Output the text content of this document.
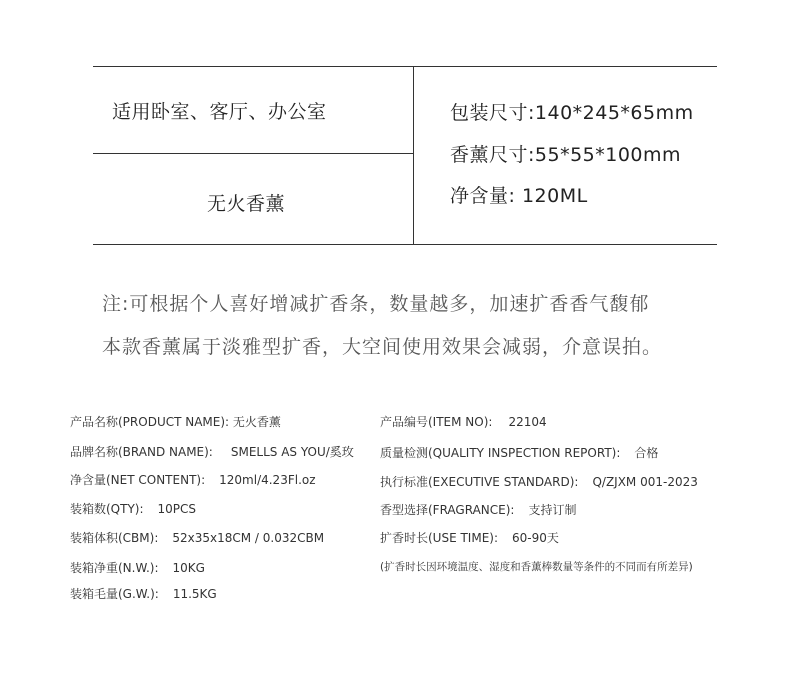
适用卧室、客厅、办公室
无火香薰
包装尺寸:140*245*65mm
香薰尺寸:55*55*100mm
净含量: 120ML
注:可根据个人喜好增减扩香条，数量越多，加速扩香香气馥郁
本款香薰属于淡雅型扩香，大空间使用效果会减弱，介意误拍。
产品名称(PRODUCT NAME): 无火香薰
品牌名称(BRAND NAME): SMELLS AS YOU/奚玫
净含量(NET CONTENT): 120ml/4.23Fl.oz
装箱数(QTY): 10PCS
装箱体积(CBM): 52x35x18CM / 0.032CBM
装箱净重(N.W.): 10KG
装箱毛量(G.W.): 11.5KG
产品编号(ITEM NO): 22104
质量检测(QUALITY INSPECTION REPORT): 合格
执行标准(EXECUTIVE STANDARD): Q/ZJXM 001-2023
香型选择(FRAGRANCE): 支持订制
扩香时长(USE TIME): 60-90天
(扩香时长因环境温度、湿度和香薰棒数量等条件的不同而有所差异)
